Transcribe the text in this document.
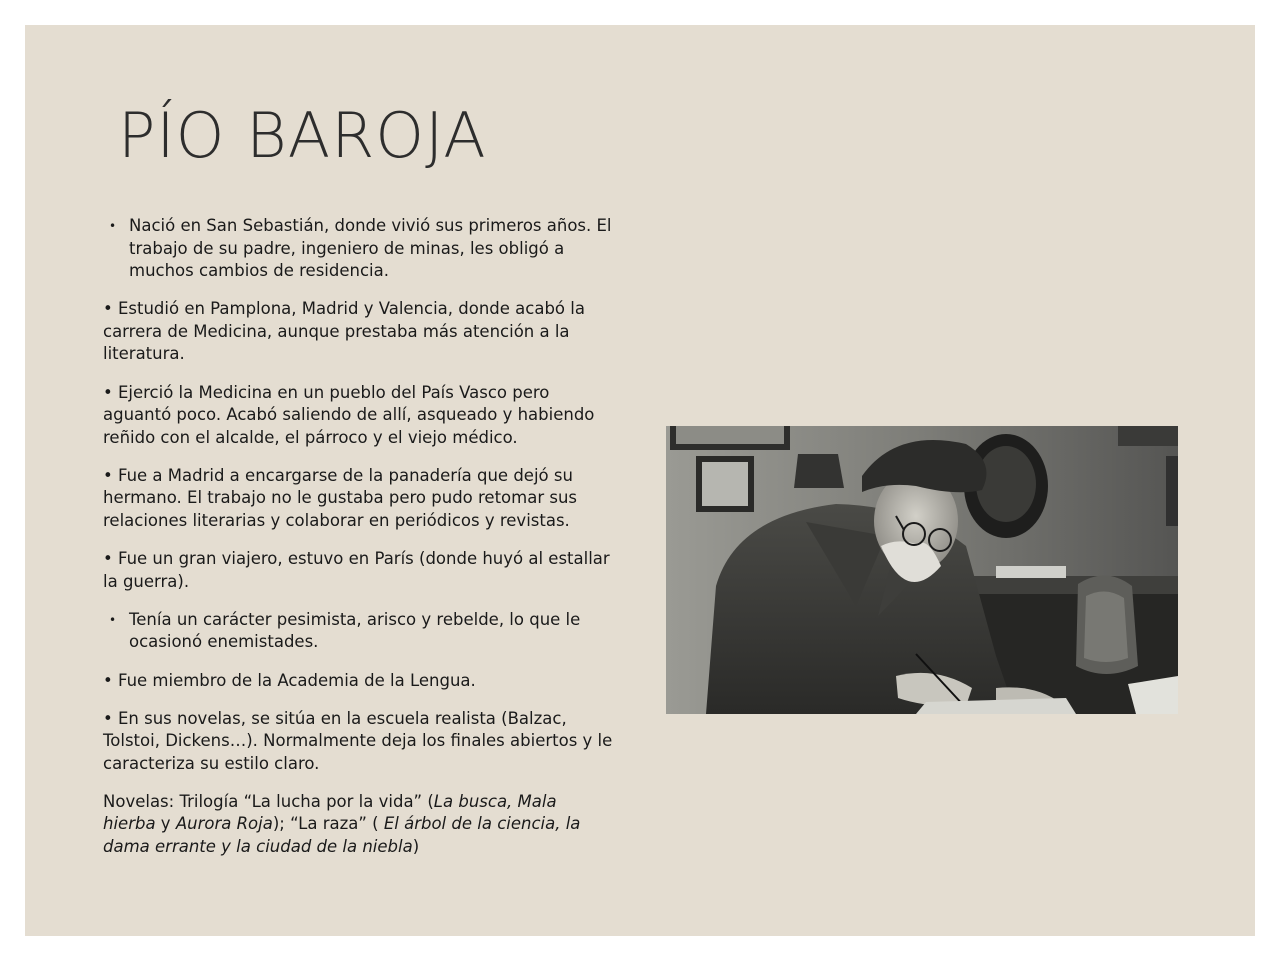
PÍO BAROJA

• Nació en San Sebastián, donde vivió sus primeros años. El trabajo de su padre, ingeniero de minas, les obligó a muchos cambios de residencia.

• Estudió en Pamplona, Madrid y Valencia, donde acabó la carrera de Medicina, aunque prestaba más atención a la literatura.

• Ejerció la Medicina en un pueblo del País Vasco pero aguantó poco. Acabó saliendo de allí, asqueado y habiendo reñido con el alcalde, el párroco y el viejo médico.

• Fue a Madrid a encargarse de la panadería que dejó su hermano. El trabajo no le gustaba pero pudo retomar sus relaciones literarias y colaborar en periódicos y revistas.

• Fue un gran viajero, estuvo en París (donde huyó al estallar la guerra).

• Tenía un carácter pesimista, arisco y rebelde, lo que le ocasionó enemistades.

• Fue miembro de la Academia de la Lengua.

• En sus novelas, se sitúa en la escuela realista (Balzac, Tolstoi, Dickens…). Normalmente deja los finales abiertos y le caracteriza su estilo claro.

Novelas: Trilogía “La lucha por la vida” (La busca, Mala hierba y Aurora Roja); “La raza” ( El árbol de la ciencia, la dama errante y la ciudad de la niebla)
